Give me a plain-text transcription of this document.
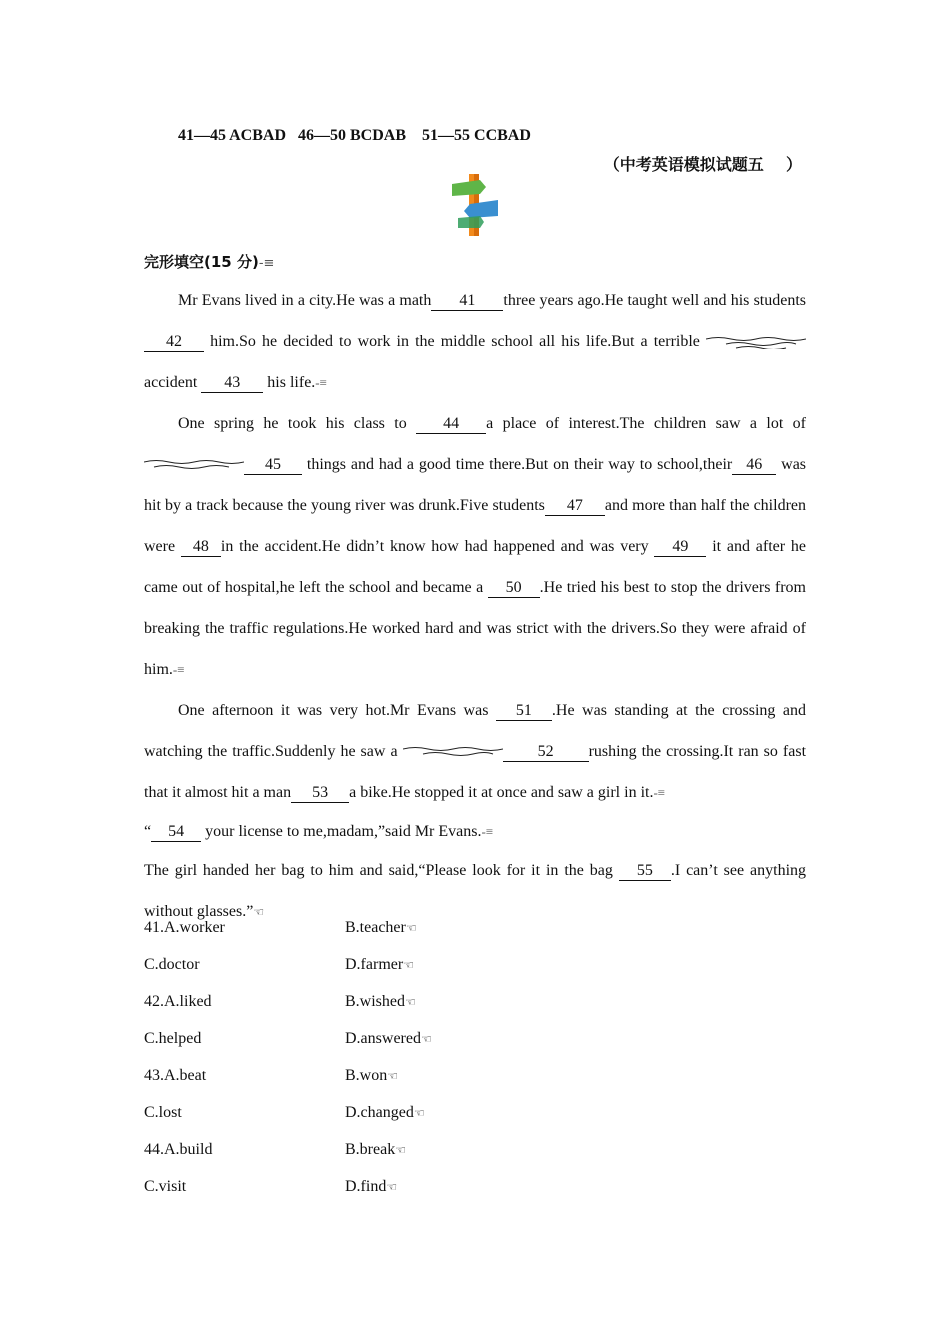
41—45 ACBAD   46—50 BCDAB    51—55 CCBAD
（中考英语模拟试题五    ）
完形填空(15 分)-≡

Mr Evans lived in a city.He was a math 41 three years ago.He taught well and his students 42 him.So he decided to work in the middle school all his life.But a terrible
accident 43 his life.-≡

One spring he took his class to 44 a place of interest.The children saw a lot of
45 things and had a good time there.But on their way to school,their 46 was hit by a track because the young river was drunk.Five students 47 and more than half the children were 48 in the accident.He didn’t know how had happened and was very 49 it and after he came out of hospital,he left the school and became a 50 .He tried his best to stop the drivers from breaking the traffic regulations.He worked hard and was strict with the drivers.So they were afraid of him.-≡

One afternoon it was very hot.Mr Evans was 51 .He was standing at the crossing and watching the traffic.Suddenly he saw a	52 rushing the crossing.It ran so fast that it almost hit a man 53 a bike.He stopped it at once and saw a girl in it.-≡

“ 54 your license to me,madam,”said Mr Evans.-≡

The girl handed her bag to him and said,“Please look for it in the bag 55 .I can’t see anything without glasses.”☜

41.A.worker	B.teacher☜
C.doctor	D.farmer☜
42.A.liked	B.wished☜
C.helped	D.answered☜
43.A.beat	B.won☜
C.lost	D.changed☜
44.A.build	B.break☜
C.visit	D.find☜
